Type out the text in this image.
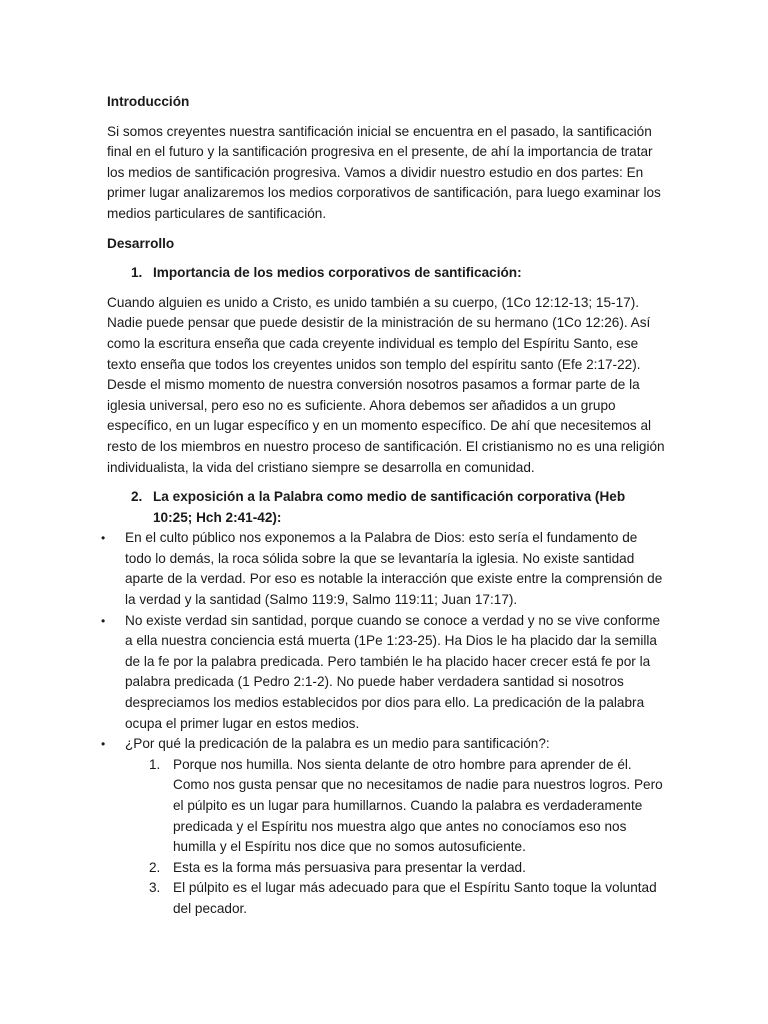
Introducción
Si somos creyentes nuestra santificación inicial se encuentra en el pasado, la santificación final en el futuro y la santificación progresiva en el presente, de ahí la importancia de tratar los medios de santificación progresiva. Vamos a dividir nuestro estudio en dos partes: En primer lugar analizaremos los medios corporativos de santificación, para luego examinar los medios particulares de santificación.
Desarrollo
1. Importancia de los medios corporativos de santificación:
Cuando alguien es unido a Cristo, es unido también a su cuerpo, (1Co 12:12-13; 15-17). Nadie puede pensar que puede desistir de la ministración de su hermano (1Co 12:26). Así como la escritura enseña que cada creyente individual es templo del Espíritu Santo, ese texto enseña que todos los creyentes unidos son templo del espíritu santo (Efe 2:17-22). Desde el mismo momento de nuestra conversión nosotros pasamos a formar parte de la iglesia universal, pero eso no es suficiente. Ahora debemos ser añadidos a un grupo específico, en un lugar específico y en un momento específico. De ahí que necesitemos al resto de los miembros en nuestro proceso de santificación. El cristianismo no es una religión individualista, la vida del cristiano siempre se desarrolla en comunidad.
2. La exposición a la Palabra como medio de santificación corporativa (Heb 10:25; Hch 2:41-42):
•	En el culto público nos exponemos a la Palabra de Dios: esto sería el fundamento de todo lo demás, la roca sólida sobre la que se levantaría la iglesia. No existe santidad aparte de la verdad. Por eso es notable la interacción que existe entre la comprensión de la verdad y la santidad (Salmo 119:9, Salmo 119:11; Juan 17:17).
•	No existe verdad sin santidad, porque cuando se conoce a verdad y no se vive conforme a ella nuestra conciencia está muerta (1Pe 1:23-25). Ha Dios le ha placido dar la semilla de la fe por la palabra predicada. Pero también le ha placido hacer crecer está fe por la palabra predicada (1 Pedro 2:1-2). No puede haber verdadera santidad si nosotros despreciamos los medios establecidos por dios para ello. La predicación de la palabra ocupa el primer lugar en estos medios.
•	¿Por qué la predicación de la palabra es un medio para santificación?:
1. Porque nos humilla. Nos sienta delante de otro hombre para aprender de él. Como nos gusta pensar que no necesitamos de nadie para nuestros logros. Pero el púlpito es un lugar para humillarnos. Cuando la palabra es verdaderamente predicada y el Espíritu nos muestra algo que antes no conocíamos eso nos humilla y el Espíritu nos dice que no somos autosuficiente.
2. Esta es la forma más persuasiva para presentar la verdad.
3. El púlpito es el lugar más adecuado para que el Espíritu Santo toque la voluntad del pecador.
